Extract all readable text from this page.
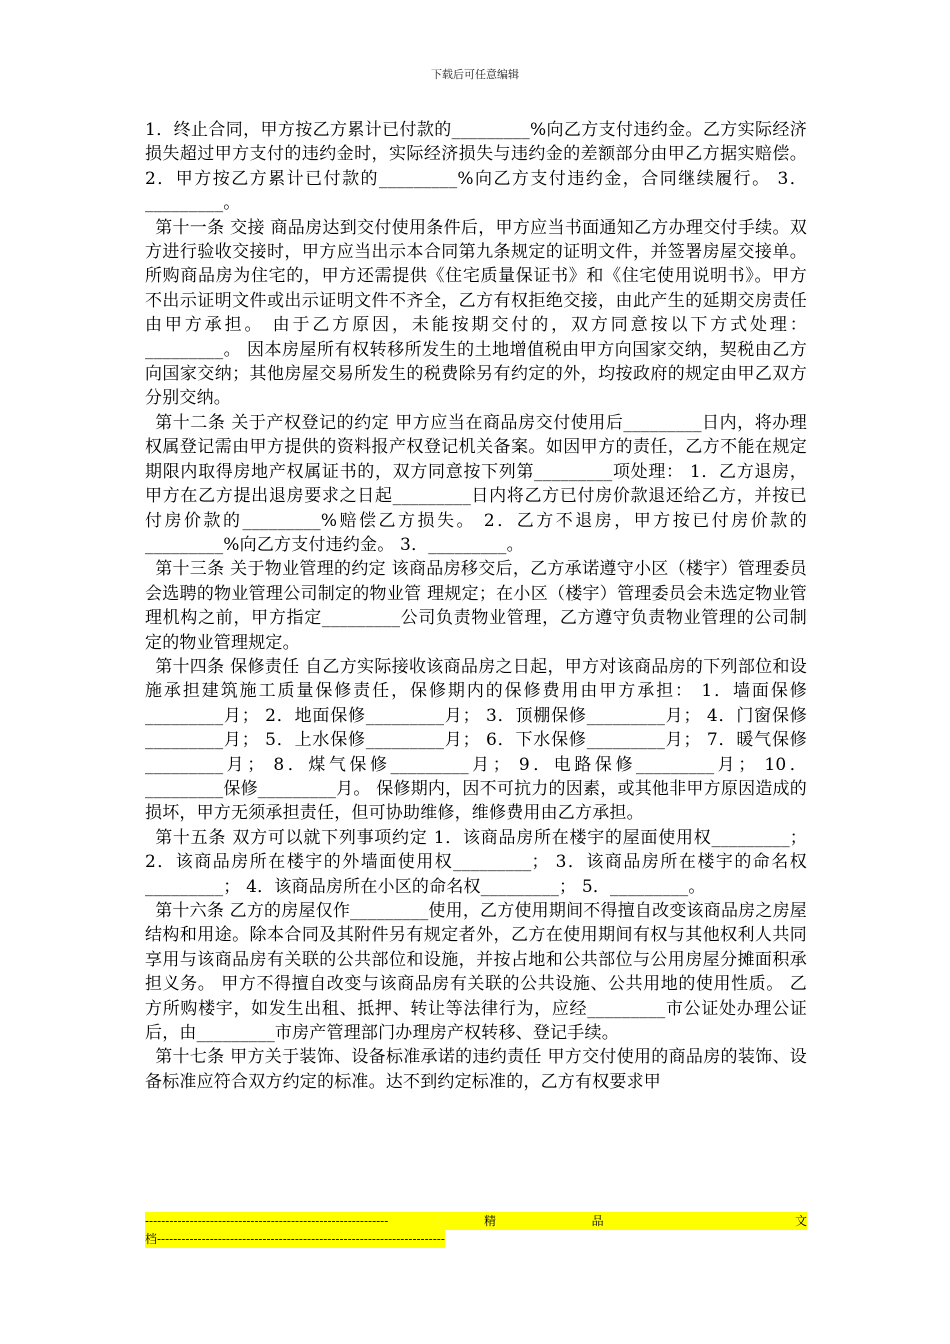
下载后可任意编辑

1．终止合同，甲方按乙方累计已付款的_________%向乙方支付违约金。乙方实际经济损失超过甲方支付的违约金时，实际经济损失与违约金的差额部分由甲乙方据实赔偿。 2．甲方按乙方累计已付款的_________%向乙方支付违约金，合同继续履行。 3．_________。

第十一条 交接 商品房达到交付使用条件后，甲方应当书面通知乙方办理交付手续。双方进行验收交接时，甲方应当出示本合同第九条规定的证明文件，并签署房屋交接单。所购商品房为住宅的，甲方还需提供《住宅质量保证书》和《住宅使用说明书》。甲方不出示证明文件或出示证明文件不齐全，乙方有权拒绝交接，由此产生的延期交房责任由甲方承担。 由于乙方原因，未能按期交付的，双方同意按以下方式处理：_________。 因本房屋所有权转移所发生的土地增值税由甲方向国家交纳，契税由乙方向国家交纳；其他房屋交易所发生的税费除另有约定的外，均按政府的规定由甲乙双方分别交纳。

第十二条 关于产权登记的约定 甲方应当在商品房交付使用后_________日内，将办理权属登记需由甲方提供的资料报产权登记机关备案。如因甲方的责任，乙方不能在规定期限内取得房地产权属证书的，双方同意按下列第_________项处理： 1．乙方退房，甲方在乙方提出退房要求之日起_________日内将乙方已付房价款退还给乙方，并按已付房价款的_________%赔偿乙方损失。 2．乙方不退房，甲方按已付房价款的_________%向乙方支付违约金。 3．_________。

第十三条 关于物业管理的约定 该商品房移交后，乙方承诺遵守小区（楼宇）管理委员会选聘的物业管理公司制定的物业管 理规定；在小区（楼宇）管理委员会未选定物业管理机构之前，甲方指定_________公司负责物业管理，乙方遵守负责物业管理的公司制定的物业管理规定。

第十四条 保修责任 自乙方实际接收该商品房之日起，甲方对该商品房的下列部位和设施承担建筑施工质量保修责任，保修期内的保修费用由甲方承担： 1．墙面保修_________月； 2．地面保修_________月； 3．顶棚保修_________月； 4．门窗保修_________月； 5．上水保修_________月； 6．下水保修_________月； 7．暖气保修_________月； 8．煤气保修_________月； 9．电路保修_________月； 10．_________保修_________月。 保修期内，因不可抗力的因素，或其他非甲方原因造成的损坏，甲方无须承担责任，但可协助维修，维修费用由乙方承担。

第十五条 双方可以就下列事项约定 1．该商品房所在楼宇的屋面使用权_________； 2．该商品房所在楼宇的外墙面使用权_________； 3．该商品房所在楼宇的命名权_________； 4．该商品房所在小区的命名权_________； 5．_________。

第十六条 乙方的房屋仅作_________使用，乙方使用期间不得擅自改变该商品房之房屋结构和用途。除本合同及其附件另有规定者外，乙方在使用期间有权与其他权利人共同享用与该商品房有关联的公共部位和设施，并按占地和公共部位与公用房屋分摊面积承担义务。 甲方不得擅自改变与该商品房有关联的公共设施、公共用地的使用性质。 乙方所购楼宇，如发生出租、抵押、转让等法律行为，应经_________市公证处办理公证后，由_________市房产管理部门办理房产权转移、登记手续。

第十七条 甲方关于装饰、设备标准承诺的违约责任 甲方交付使用的商品房的装饰、设备标准应符合双方约定的标准。达不到约定标准的，乙方有权要求甲

------------------------------------------------------------	精	品	文
档-----------------------------------------------------------------------
